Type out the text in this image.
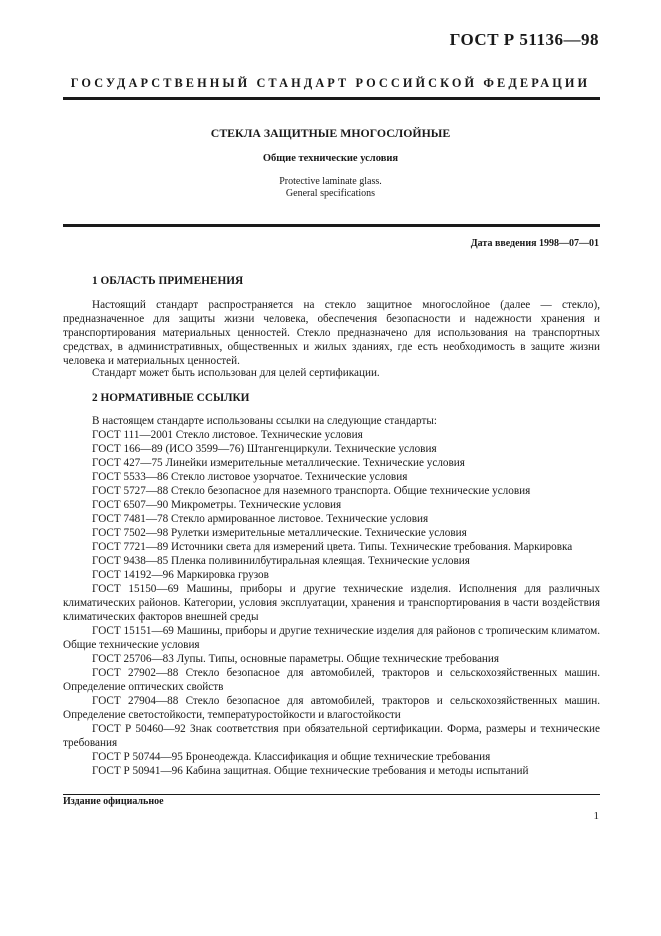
ГОСТ Р 51136—98
ГОСУДАРСТВЕННЫЙ СТАНДАРТ РОССИЙСКОЙ ФЕДЕРАЦИИ
СТЕКЛА ЗАЩИТНЫЕ МНОГОСЛОЙНЫЕ
Общие технические условия
Protective laminate glass.
General specifications
Дата введения 1998—07—01
1 ОБЛАСТЬ ПРИМЕНЕНИЯ
Настоящий стандарт распространяется на стекло защитное многослойное (далее — стекло), предназначенное для защиты жизни человека, обеспечения безопасности и надежности хранения и транспортирования материальных ценностей. Стекло предназначено для использования на транспортных средствах, в административных, общественных и жилых зданиях, где есть необходимость в защите жизни человека и материальных ценностей.
Стандарт может быть использован для целей сертификации.
2 НОРМАТИВНЫЕ ССЫЛКИ
В настоящем стандарте использованы ссылки на следующие стандарты:
ГОСТ 111—2001 Стекло листовое. Технические условия
ГОСТ 166—89 (ИСО 3599—76) Штангенциркули. Технические условия
ГОСТ 427—75 Линейки измерительные металлические. Технические условия
ГОСТ 5533—86 Стекло листовое узорчатое. Технические условия
ГОСТ 5727—88 Стекло безопасное для наземного транспорта. Общие технические условия
ГОСТ 6507—90 Микрометры. Технические условия
ГОСТ 7481—78 Стекло армированное листовое. Технические условия
ГОСТ 7502—98 Рулетки измерительные металлические. Технические условия
ГОСТ 7721—89 Источники света для измерений цвета. Типы. Технические требования. Маркировка
ГОСТ 9438—85 Пленка поливинилбутиральная клеящая. Технические условия
ГОСТ 14192—96 Маркировка грузов
ГОСТ 15150—69 Машины, приборы и другие технические изделия. Исполнения для различных климатических районов. Категории, условия эксплуатации, хранения и транспортирования в части воздействия климатических факторов внешней среды
ГОСТ 15151—69 Машины, приборы и другие технические изделия для районов с тропическим климатом. Общие технические условия
ГОСТ 25706—83 Лупы. Типы, основные параметры. Общие технические требования
ГОСТ 27902—88 Стекло безопасное для автомобилей, тракторов и сельскохозяйственных машин. Определение оптических свойств
ГОСТ 27904—88 Стекло безопасное для автомобилей, тракторов и сельскохозяйственных машин. Определение светостойкости, температуростойкости и влагостойкости
ГОСТ Р 50460—92 Знак соответствия при обязательной сертификации. Форма, размеры и технические требования
ГОСТ Р 50744—95 Бронеодежда. Классификация и общие технические требования
ГОСТ Р 50941—96 Кабина защитная. Общие технические требования и методы испытаний
Издание официальное
1
